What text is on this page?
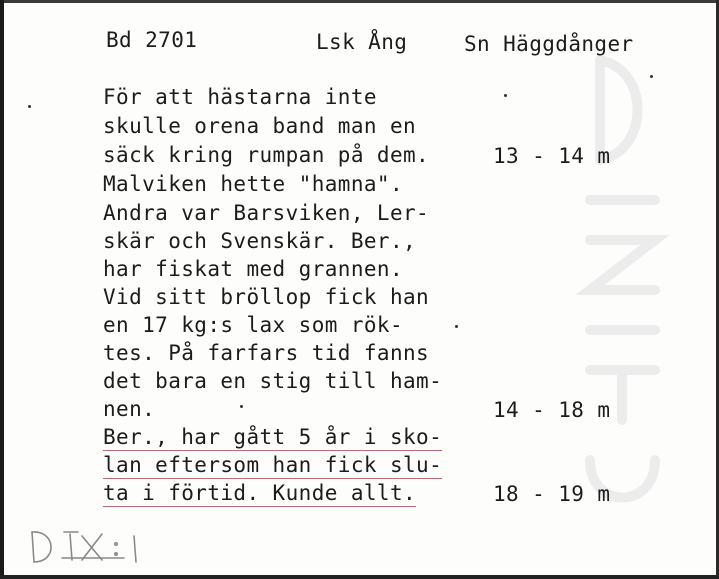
Bd 2701	Lsk Ång	Sn Häggdånger
För att hästarna inte
skulle orena band man en
säck kring rumpan på dem.
Malviken hette "hamna".
Andra var Barsviken, Ler-
skär och Svenskär. Ber.,
har fiskat med grannen.
Vid sitt bröllop fick han
en 17 kg:s lax som rök-
tes. På farfars tid fanns
det bara en stig till ham-
nen.
Ber., har gått 5 år i sko-
lan eftersom han fick slu-
ta i förtid. Kunde allt.
13 - 14 m
14 - 18 m
18 - 19 m
